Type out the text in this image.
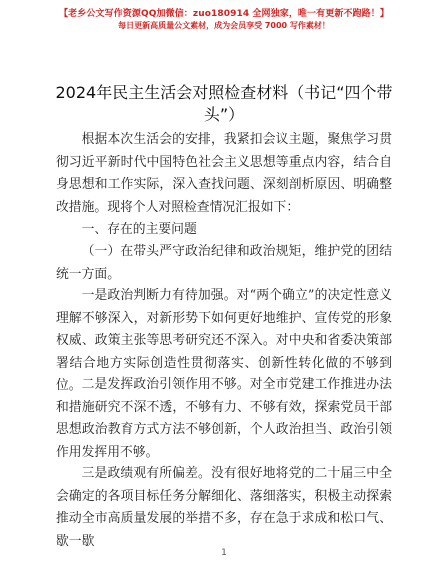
【老乡公文写作资源QQ加微信：zuo180914 全网独家，唯一有更新不跑路！】
每日更新高质量公文素材，成为会员享受 7000 写作素材！
2024年民主生活会对照检查材料（书记“四个带头”）
根据本次生活会的安排，我紧扣会议主题，聚焦学习贯彻习近平新时代中国特色社会主义思想等重点内容，结合自身思想和工作实际，深入查找问题、深刻剖析原因、明确整改措施。现将个人对照检查情况汇报如下：
一、存在的主要问题
（一）在带头严守政治纪律和政治规矩，维护党的团结统一方面。
一是政治判断力有待加强。对“两个确立”的决定性意义理解不够深入，对新形势下如何更好地维护、宣传党的形象权威、政策主张等思考研究还不深入。对中央和省委决策部署结合地方实际创造性贯彻落实、创新性转化做的不够到位。 二是发挥政治引领作用不够。对全市党建工作推进办法和措施研究不深不透，不够有力、不够有效，探索党员干部思想政治教育方式方法不够创新，个人政治担当、政治引领作用发挥用不够。
三是政绩观有所偏差。没有很好地将党的二十届三中全会确定的各项目标任务分解细化、落细落实，积极主动探索推动全市高质量发展的举措不多，存在急于求成和松口气、歇一歇
1
